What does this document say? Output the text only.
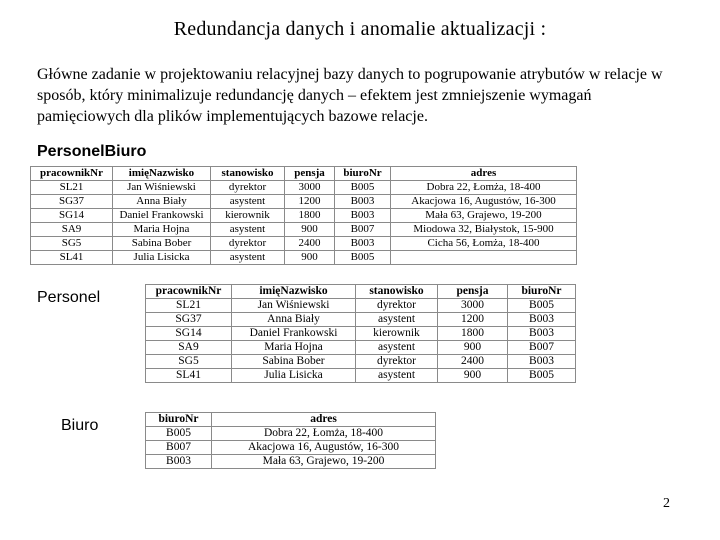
Redundancja danych i anomalie aktualizacji :
Główne zadanie w projektowaniu relacyjnej bazy danych to pogrupowanie atrybutów w relacje w sposób, który minimalizuje redundancję danych – efektem jest zmniejszenie wymagań pamięciowych dla plików implementujących bazowe relacje.
PersonelBiuro
pracownikNr	imięNazwisko	stanowisko	pensja	biuroNr	adres
SL21	Jan Wiśniewski	dyrektor	3000	B005	Dobra 22, Łomża, 18-400
SG37	Anna Biały	asystent	1200	B003	Akacjowa 16, Augustów, 16-300
SG14	Daniel Frankowski	kierownik	1800	B003	Mała 63, Grajewo, 19-200
SA9	Maria Hojna	asystent	900	B007	Miodowa 32, Białystok, 15-900
SG5	Sabina Bober	dyrektor	2400	B003	Cicha 56, Łomża, 18-400
SL41	Julia Lisicka	asystent	900	B005	
Personel	pracownikNr	imięNazwisko	stanowisko	pensja	biuroNr
SL21	Jan Wiśniewski	dyrektor	3000	B005
SG37	Anna Biały	asystent	1200	B003
SG14	Daniel Frankowski	kierownik	1800	B003
SA9	Maria Hojna	asystent	900	B007
SG5	Sabina Bober	dyrektor	2400	B003
SL41	Julia Lisicka	asystent	900	B005
Biuro	biuroNr	adres
B005	Dobra 22, Łomża, 18-400
B007	Akacjowa 16, Augustów, 16-300
B003	Mała 63, Grajewo, 19-200
2
